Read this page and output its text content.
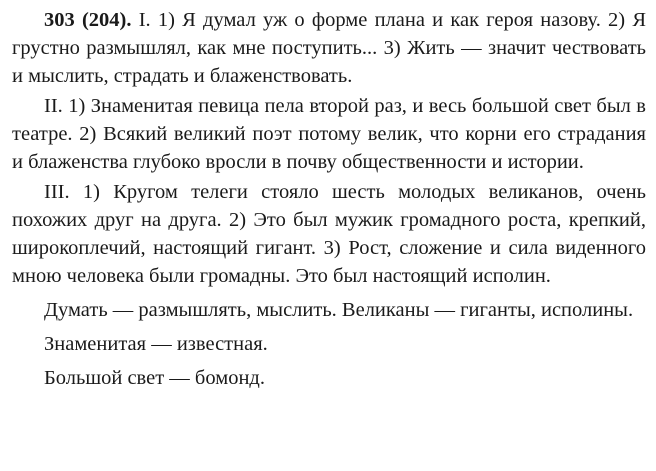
303 (204). I. 1) Я думал уж о форме плана и как героя назову. 2) Я грустно размышлял, как мне поступить... 3) Жить — значит чествовать и мыслить, страдать и блаженствовать.

II. 1) Знаменитая певица пела второй раз, и весь большой свет был в театре. 2) Всякий великий поэт потому велик, что корни его страдания и блаженства глубоко вросли в почву общественности и истории.

III. 1) Кругом телеги стояло шесть молодых великанов, очень похожих друг на друга. 2) Это был мужик громадного роста, крепкий, широкоплечий, настоящий гигант. 3) Рост, сложение и сила виденного мною человека были громадны. Это был настоящий исполин.

Думать — размышлять, мыслить. Великаны — гиганты, исполины.

Знаменитая — известная.

Большой свет — бомонд.
